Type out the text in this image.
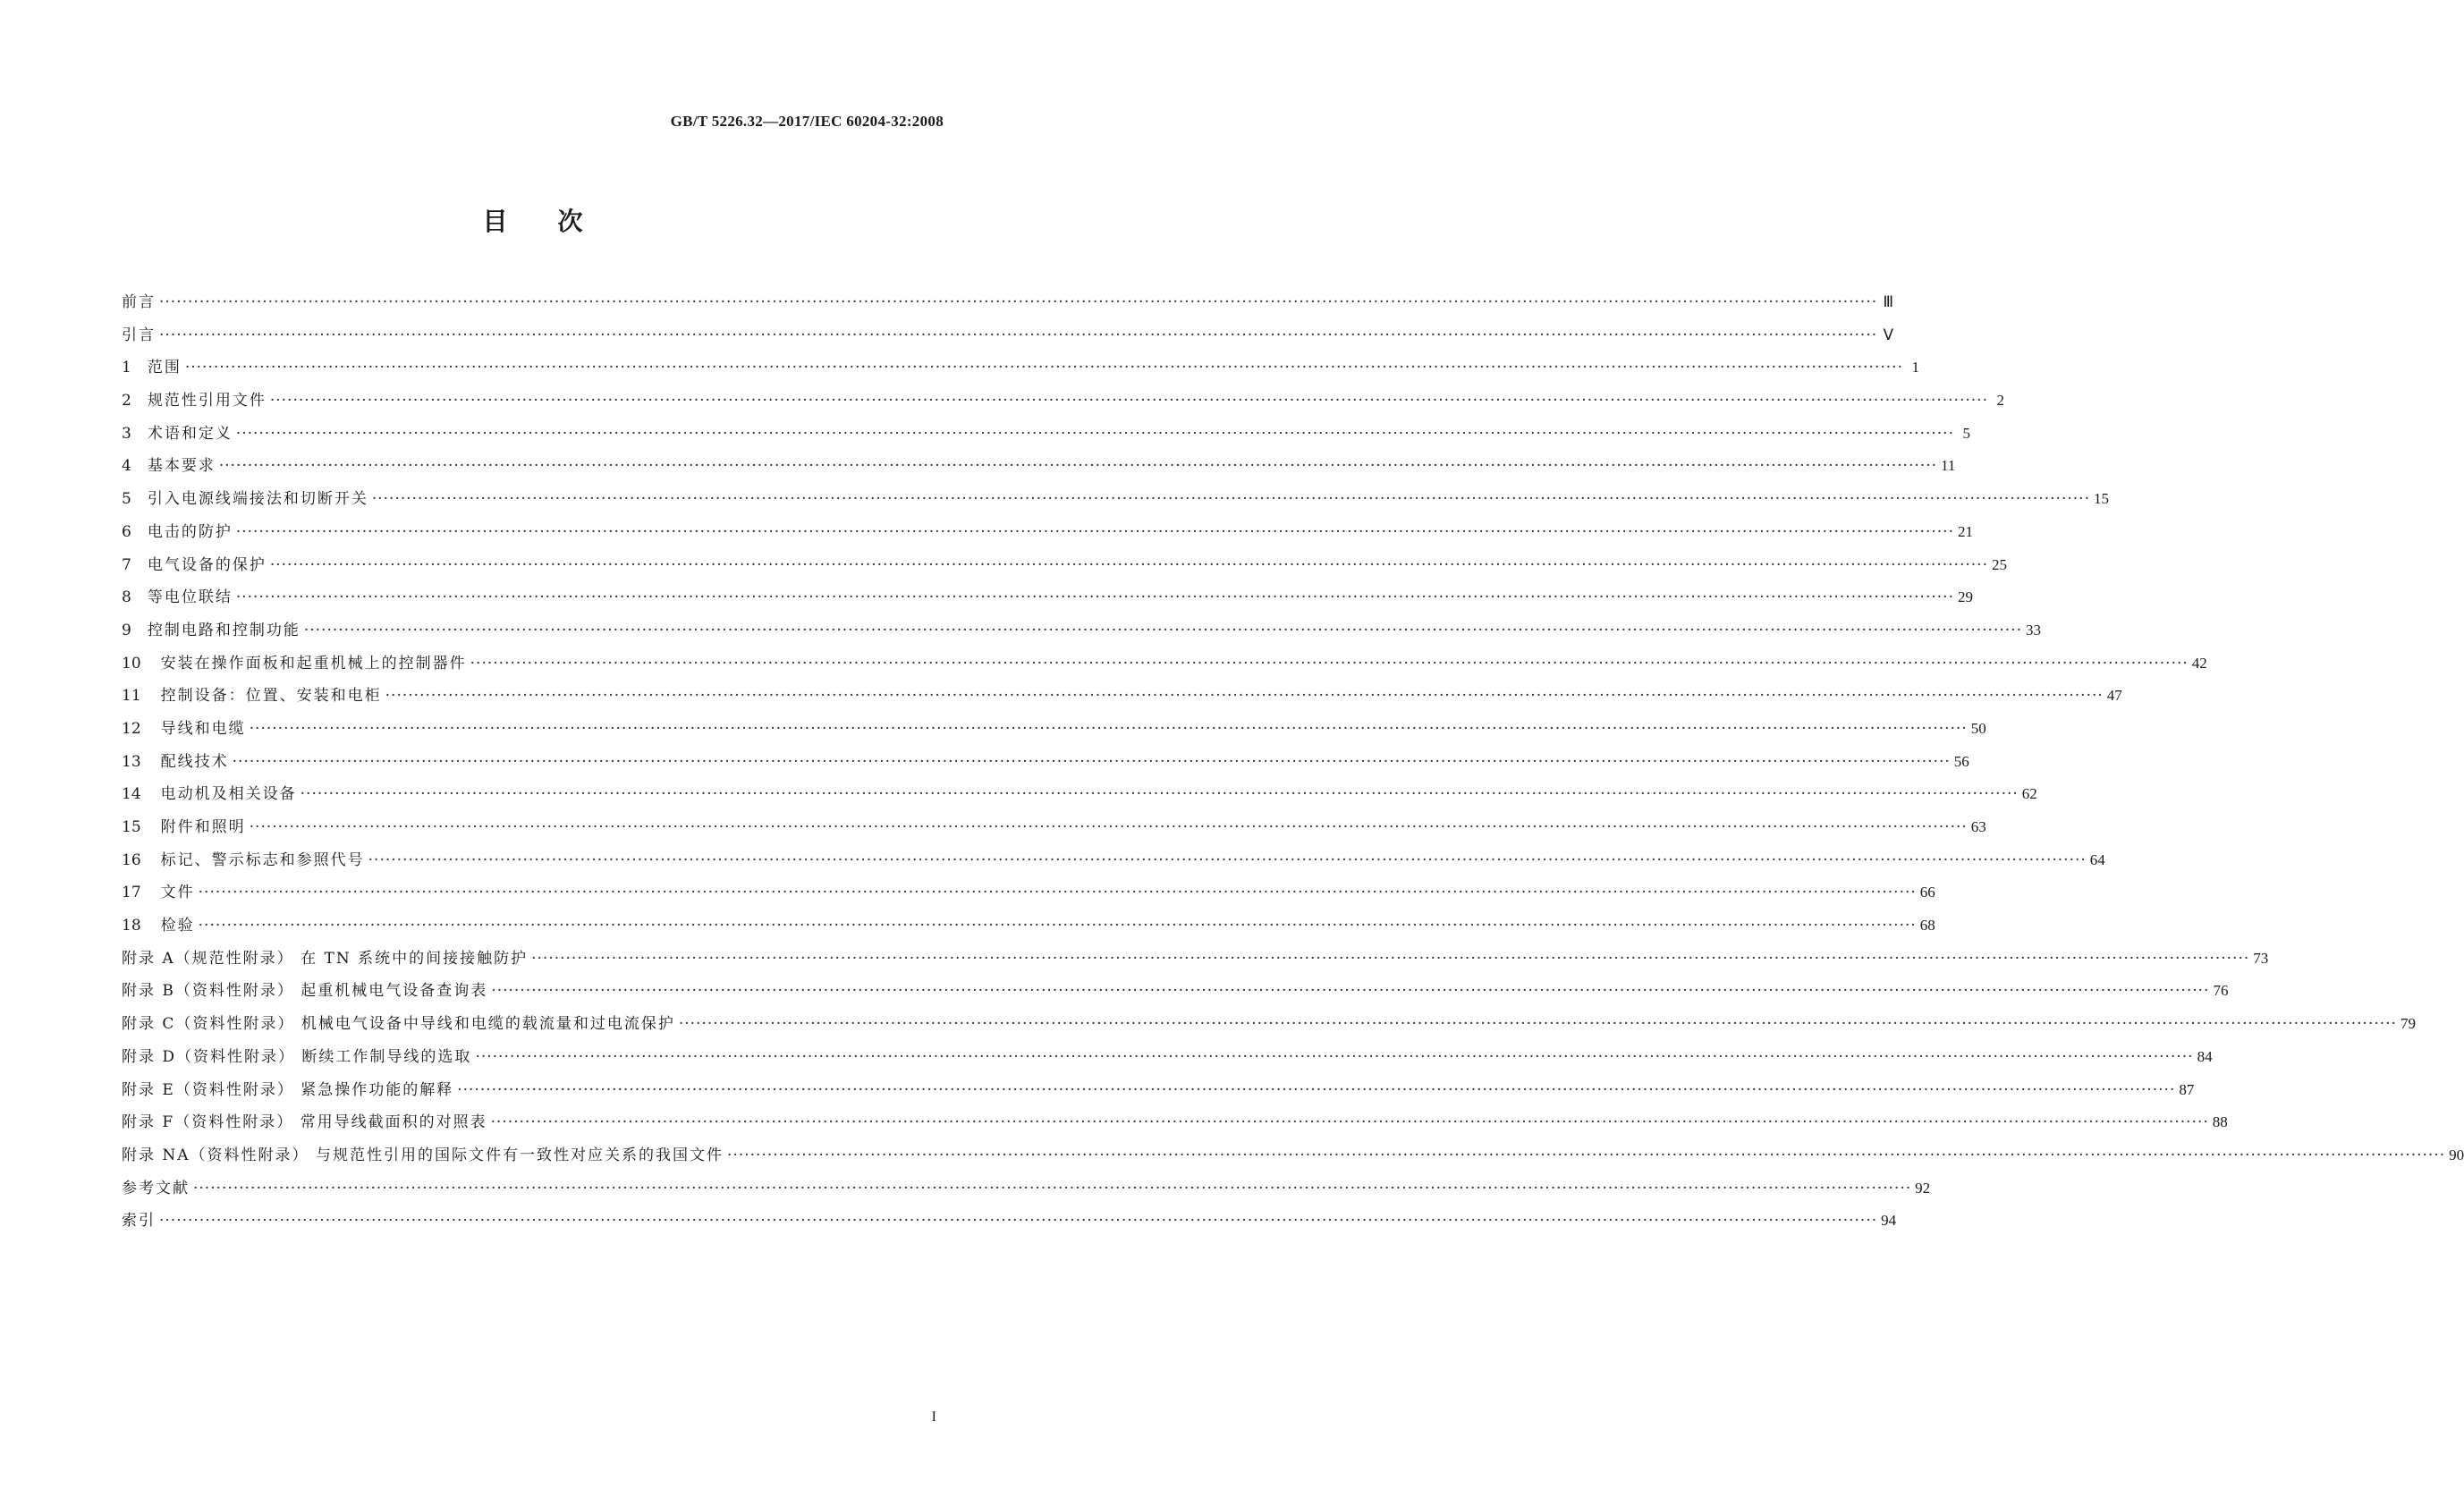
GB/T 5226.32—2017/IEC 60204-32:2008
目次
前言 ············································································································································································································································································································ Ⅲ
引言 ············································································································································································································································································································ Ⅴ
1 范围 ············································································································································································································································································································ 1
2 规范性引用文件 ············································································································································································································································································································ 2
3 术语和定义 ············································································································································································································································································································ 5
4 基本要求 ············································································································································································································································································································ 11
5 引入电源线端接法和切断开关 ············································································································································································································································································································ 15
6 电击的防护 ············································································································································································································································································································ 21
7 电气设备的保护 ············································································································································································································································································································ 25
8 等电位联结 ············································································································································································································································································································ 29
9 控制电路和控制功能 ············································································································································································································································································································ 33
10 安装在操作面板和起重机械上的控制器件 ············································································································································································································································································································ 42
11 控制设备：位置、安装和电柜 ············································································································································································································································································································ 47
12 导线和电缆 ············································································································································································································································································································ 50
13 配线技术 ············································································································································································································································································································ 56
14 电动机及相关设备 ············································································································································································································································································································ 62
15 附件和照明 ············································································································································································································································································································ 63
16 标记、警示标志和参照代号 ············································································································································································································································································································ 64
17 文件 ············································································································································································································································································································ 66
18 检验 ············································································································································································································································································································ 68
附录 A（规范性附录） 在 TN 系统中的间接接触防护 ············································································································································································································································································································ 73
附录 B（资料性附录） 起重机械电气设备查询表 ············································································································································································································································································································ 76
附录 C（资料性附录） 机械电气设备中导线和电缆的载流量和过电流保护 ············································································································································································································································································································ 79
附录 D（资料性附录） 断续工作制导线的选取 ············································································································································································································································································································ 84
附录 E（资料性附录） 紧急操作功能的解释 ············································································································································································································································································································ 87
附录 F（资料性附录） 常用导线截面积的对照表 ············································································································································································································································································································ 88
附录 NA（资料性附录） 与规范性引用的国际文件有一致性对应关系的我国文件 ············································································································································································································································································································ 90
参考文献 ············································································································································································································································································································ 92
索引 ············································································································································································································································································································ 94
I
